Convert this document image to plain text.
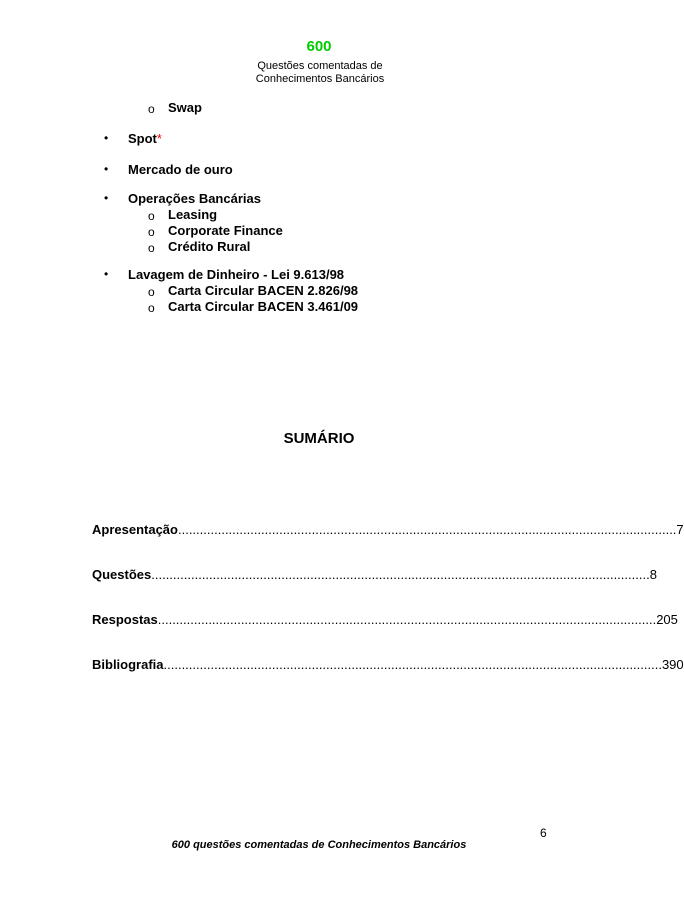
600
Questões comentadas de
Conhecimentos Bancários
o Swap
• Spot*
• Mercado de ouro
• Operações Bancárias
o Leasing
o Corporate Finance
o Crédito Rural
• Lavagem de Dinheiro - Lei 9.613/98
o Carta Circular BACEN 2.826/98
o Carta Circular BACEN 3.461/09
SUMÁRIO
Apresentação .......................................................................................................................................... 7
Questões .......................................................................................................................................... 8
Respostas .......................................................................................................................................... 205
Bibliografia .......................................................................................................................................... 390
6
600 questões comentadas de Conhecimentos Bancários
